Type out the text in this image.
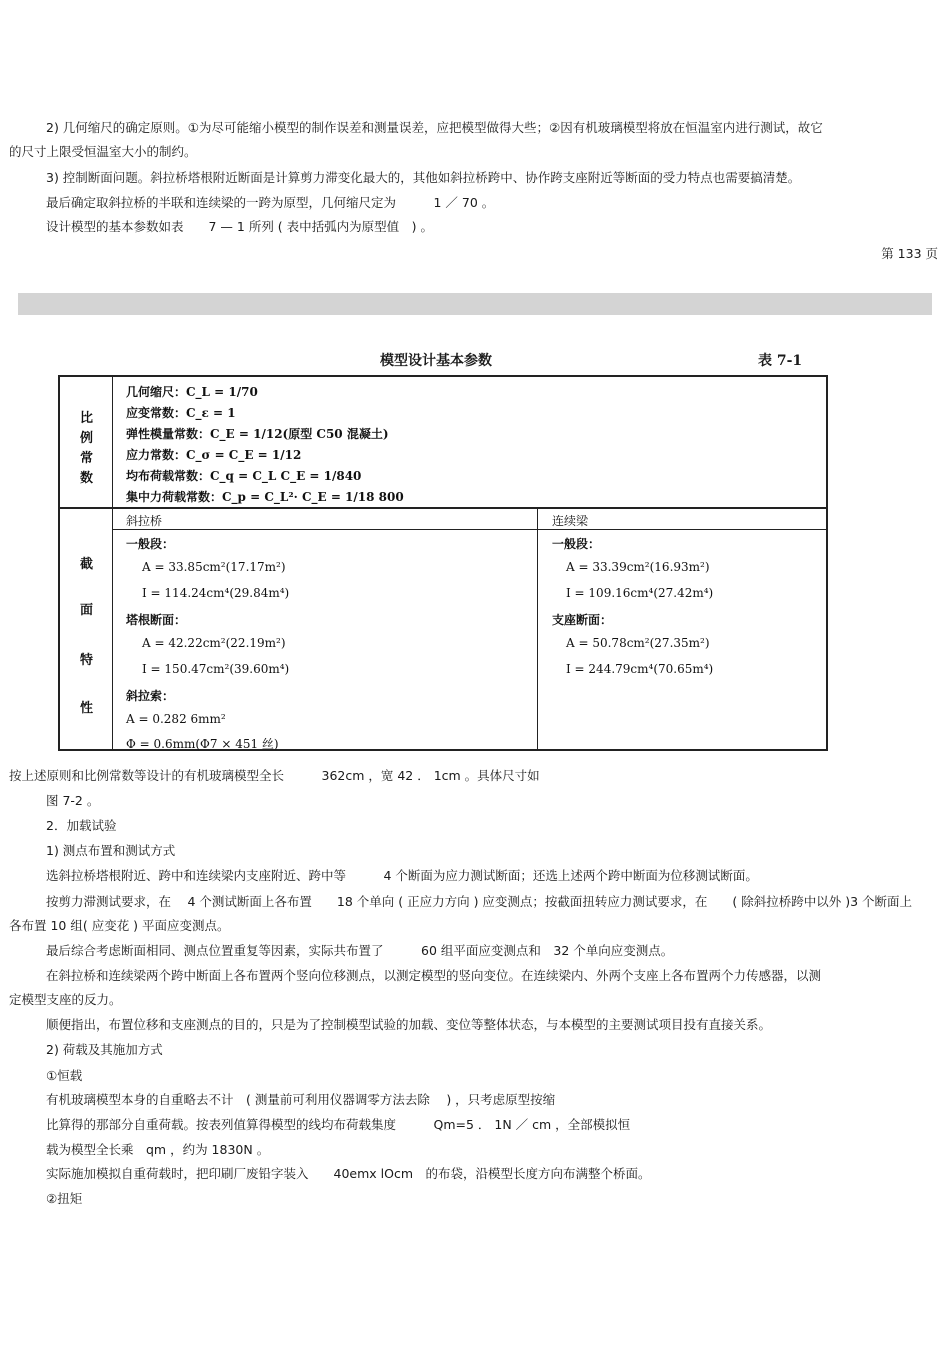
2) 几何缩尺的确定原则。①为尽可能缩小模型的制作误差和测量误差，应把模型做得大些；②因有机玻璃模型将放在恒温室内进行测试，故它
的尺寸上限受恒温室大小的制约。
3) 控制断面问题。斜拉桥塔根附近断面是计算剪力滞变化最大的，其他如斜拉桥跨中、协作跨支座附近等断面的受力特点也需要搞清楚。
最后确定取斜拉桥的半联和连续梁的一跨为原型，几何缩尺定为　　　1 ／ 70 。
设计模型的基本参数如表　　7 — 1 所列 ( 表中括弧内为原型值　) 。
第 133 页
模型设计基本参数	表 7-1
比
例
常
数
几何缩尺：C_L = 1/70
应变常数：C_ε = 1
弹性模量常数：C_E = 1/12(原型 C50 混凝土)
应力常数：C_σ = C_E = 1/12
均布荷载常数：C_q = C_L C_E = 1/840
集中力荷载常数：C_p = C_L²· C_E = 1/18 800
截
面
特
性
斜拉桥	连续梁
一般段：
A = 33.85cm²(17.17m²)
I = 114.24cm⁴(29.84m⁴)
塔根断面：
A = 42.22cm²(22.19m²)
I = 150.47cm²(39.60m⁴)
斜拉索：
A = 0.282 6mm²
Φ = 0.6mm(Φ7 × 451 丝)
一般段：
A = 33.39cm²(16.93m²)
I = 109.16cm⁴(27.42m⁴)
支座断面：
A = 50.78cm²(27.35m²)
I = 244.79cm⁴(70.65m⁴)
按上述原则和比例常数等设计的有机玻璃模型全长　　　362cm ，宽 42 ． 1cm 。具体尺寸如
图 7-2 。
2．加载试验
1) 测点布置和测试方式
选斜拉桥塔根附近、跨中和连续梁内支座附近、跨中等　　　4 个断面为应力测试断面；还选上述两个跨中断面为位移测试断面。
按剪力滞测试要求，在　 4 个测试断面上各布置　　18 个单向 ( 正应力方向 ) 应变测点；按截面扭转应力测试要求，在　　( 除斜拉桥跨中以外 )3 个断面上
各布置 10 组( 应变花 ) 平面应变测点。
最后综合考虑断面相同、测点位置重复等因素，实际共布置了　　　60 组平面应变测点和　32 个单向应变测点。
在斜拉桥和连续梁两个跨中断面上各布置两个竖向位移测点，以测定模型的竖向变位。在连续梁内、外两个支座上各布置两个力传感器，以测
定模型支座的反力。
顺便指出，布置位移和支座测点的目的，只是为了控制模型试验的加载、变位等整体状态，与本模型的主要测试项目投有直接关系。
2) 荷载及其施加方式
①恒载
有机玻璃模型本身的自重略去不计　( 测量前可利用仪器调零方法去除　 ) ，只考虑原型按缩
比算得的那部分自重荷载。按表列值算得模型的线均布荷载集度　　　Qm=5 ． 1N ／ cm ，全部模拟恒
载为模型全长乘　qm ，约为 1830N 。
实际施加模拟自重荷载时，把印刷厂废铅字装入　　40emx lOcm　的布袋，沿模型长度方向布满整个桥面。
②扭矩
